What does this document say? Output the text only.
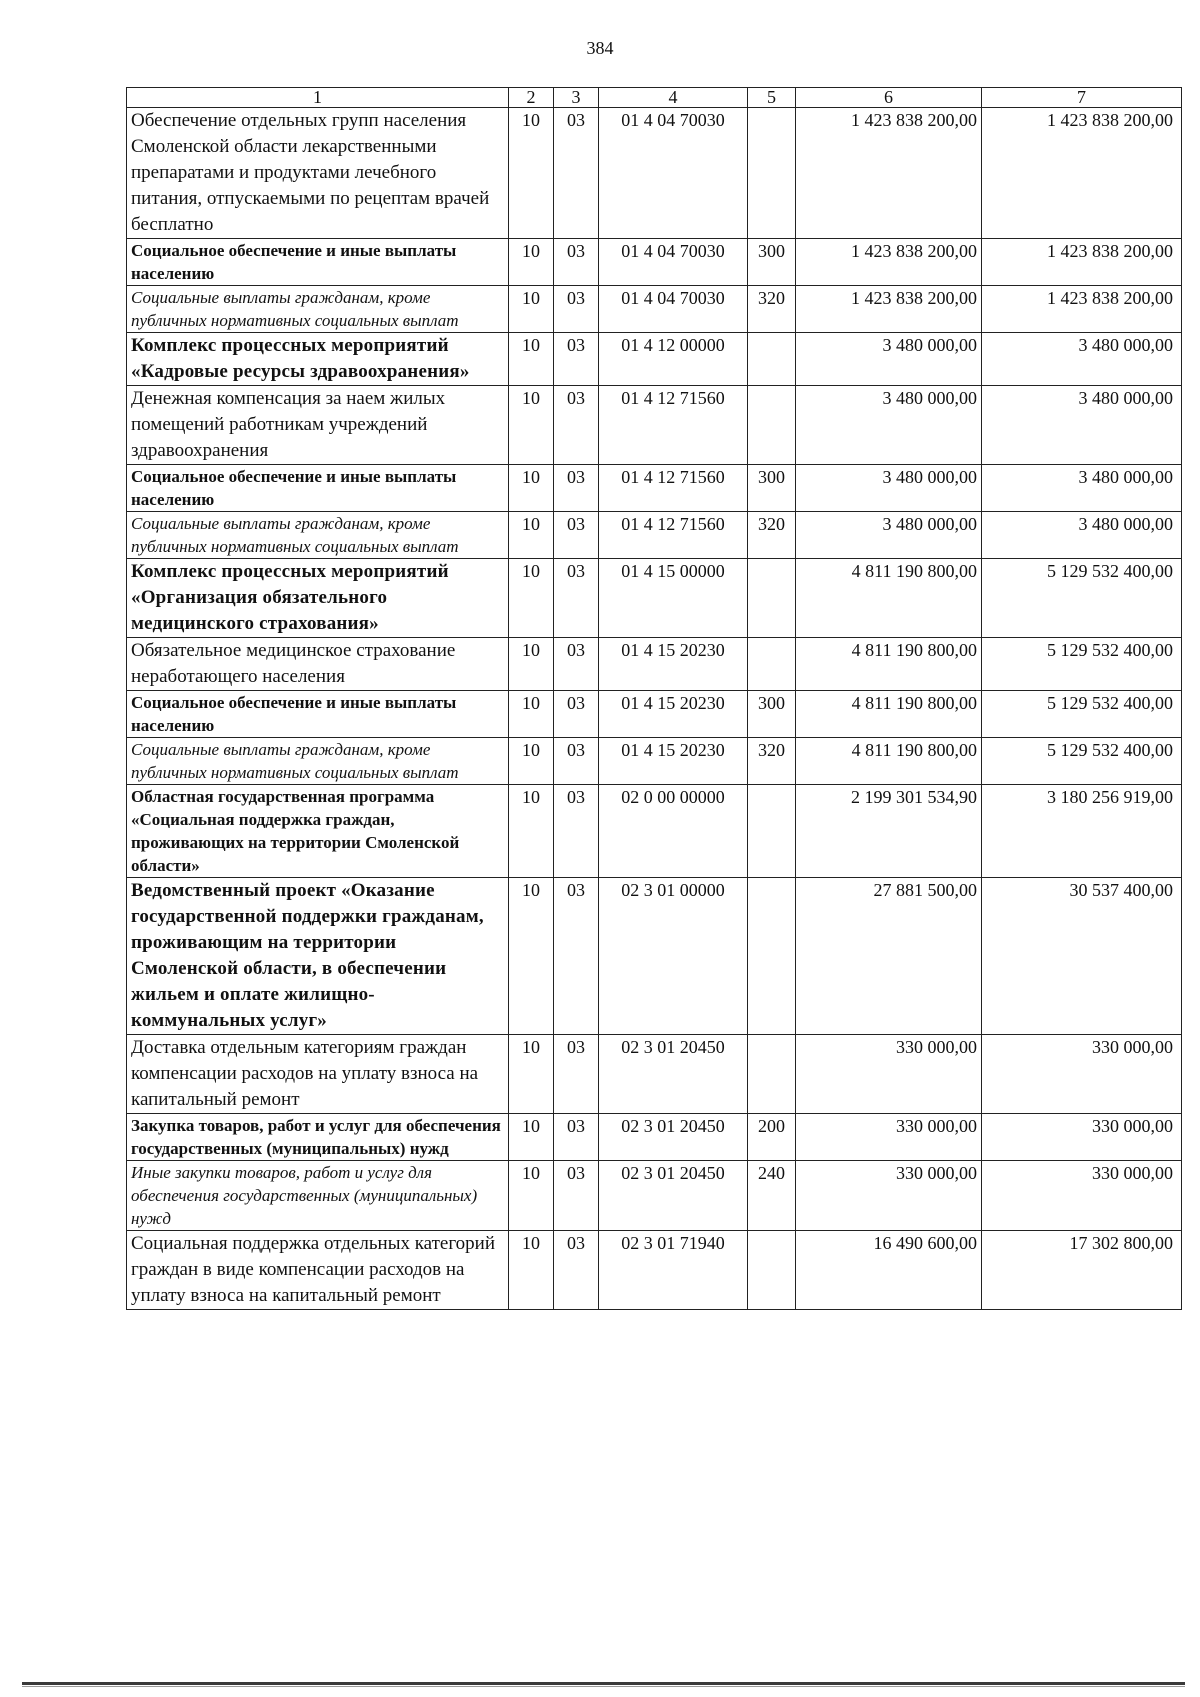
384
1	2	3	4	5	6	7
Обеспечение отдельных групп населения Смоленской области лекарственными препаратами и продуктами лечебного питания, отпускаемыми по рецептам врачей бесплатно	10	03	01 4 04 70030		1 423 838 200,00	1 423 838 200,00
Социальное обеспечение и иные выплаты населению	10	03	01 4 04 70030	300	1 423 838 200,00	1 423 838 200,00
Социальные выплаты гражданам, кроме публичных нормативных социальных выплат	10	03	01 4 04 70030	320	1 423 838 200,00	1 423 838 200,00
Комплекс процессных мероприятий «Кадровые ресурсы здравоохранения»	10	03	01 4 12 00000		3 480 000,00	3 480 000,00
Денежная компенсация за наем жилых помещений работникам учреждений здравоохранения	10	03	01 4 12 71560		3 480 000,00	3 480 000,00
Социальное обеспечение и иные выплаты населению	10	03	01 4 12 71560	300	3 480 000,00	3 480 000,00
Социальные выплаты гражданам, кроме публичных нормативных социальных выплат	10	03	01 4 12 71560	320	3 480 000,00	3 480 000,00
Комплекс процессных мероприятий «Организация обязательного медицинского страхования»	10	03	01 4 15 00000		4 811 190 800,00	5 129 532 400,00
Обязательное медицинское страхование неработающего населения	10	03	01 4 15 20230		4 811 190 800,00	5 129 532 400,00
Социальное обеспечение и иные выплаты населению	10	03	01 4 15 20230	300	4 811 190 800,00	5 129 532 400,00
Социальные выплаты гражданам, кроме публичных нормативных социальных выплат	10	03	01 4 15 20230	320	4 811 190 800,00	5 129 532 400,00
Областная государственная программа «Социальная поддержка граждан, проживающих на территории Смоленской области»	10	03	02 0 00 00000		2 199 301 534,90	3 180 256 919,00
Ведомственный проект «Оказание государственной поддержки гражданам, проживающим на территории Смоленской области, в обеспечении жильем и оплате жилищно-коммунальных услуг»	10	03	02 3 01 00000		27 881 500,00	30 537 400,00
Доставка отдельным категориям граждан компенсации расходов на уплату взноса на капитальный ремонт	10	03	02 3 01 20450		330 000,00	330 000,00
Закупка товаров, работ и услуг для обеспечения государственных (муниципальных) нужд	10	03	02 3 01 20450	200	330 000,00	330 000,00
Иные закупки товаров, работ и услуг для обеспечения государственных (муниципальных) нужд	10	03	02 3 01 20450	240	330 000,00	330 000,00
Социальная поддержка отдельных категорий граждан в виде компенсации расходов на уплату взноса на капитальный ремонт	10	03	02 3 01 71940		16 490 600,00	17 302 800,00
